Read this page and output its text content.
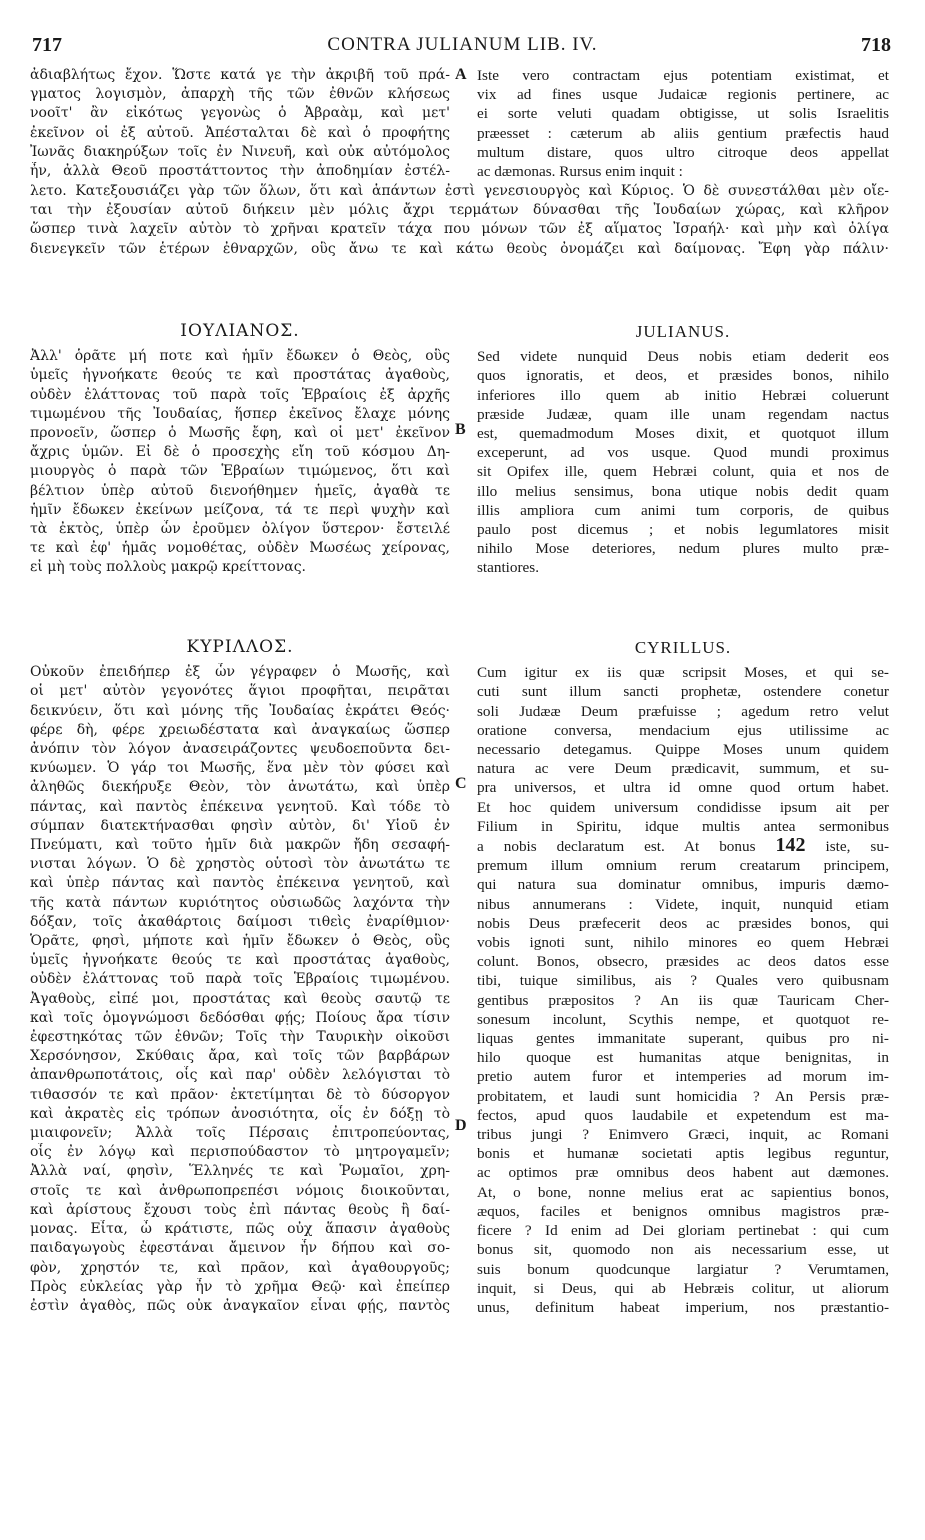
717	CONTRA JULIANUM LIB. IV.	718
ἀδιαβλήτως ἔχον. Ὥστε κατά γε τὴν ἀκριβῆ τοῦ πρά-
γματος λογισμὸν, ἀπαρχὴ τῆς τῶν ἐθνῶν κλήσεως
νοοῖτ' ἂν εἰκότως γεγονὼς ὁ Ἀβραὰμ, καὶ μετ'
ἐκεῖνον οἱ ἐξ αὐτοῦ. Ἀπέσταλται δὲ καὶ ὁ προφήτης
Ἰωνᾶς διακηρύξων τοῖς ἐν Νινευῆ, καὶ οὐκ αὐτόμολος
ἦν, ἀλλὰ Θεοῦ προστάττοντος τὴν ἀποδημίαν ἐστέλ-
Iste vero contractam ejus potentiam existimat, et
vix ad fines usque Judaicæ regionis pertinere, ac
ei sorte veluti quadam obtigisse, ut solis Israelitis
præesset : cæterum ab aliis gentium præfectis haud
multum distare, quos ultro citroque deos appellat
ac dæmonas. Rursus enim inquit :
A
λετο. Κατεξουσιάζει γὰρ τῶν ὅλων, ὅτι καὶ ἁπάντων ἐστὶ γενεσιουργὸς καὶ Κύριος. Ὁ δὲ συνεστάλθαι μὲν οἴε-
ται τὴν ἐξουσίαν αὐτοῦ διήκειν μὲν μόλις ἄχρι τερμάτων δύνασθαι τῆς Ἰουδαίων χώρας, καὶ κλῆρον
ὥσπερ τινὰ λαχεῖν αὐτὸν τὸ χρῆναι κρατεῖν τάχα που μόνων τῶν ἐξ αἵματος Ἰσραήλ· καὶ μὴν καὶ ὀλίγα
διενεγκεῖν τῶν ἑτέρων ἐθναρχῶν, οὓς ἄνω τε καὶ κάτω θεοὺς ὀνομάζει καὶ δαίμονας. Ἔφη γὰρ πάλιν·
ΙΟΥΛΙΑΝΟΣ.
Ἀλλ' ὁρᾶτε μή ποτε καὶ ἡμῖν ἔδωκεν ὁ Θεὸς, οὓς
ὑμεῖς ἠγνοήκατε θεούς τε καὶ προστάτας ἀγαθοὺς,
οὐδὲν ἐλάττονας τοῦ παρὰ τοῖς Ἑβραίοις ἐξ ἀρχῆς
τιμωμένου τῆς Ἰουδαίας, ἥσπερ ἐκεῖνος ἔλαχε μόνης
προνοεῖν, ὥσπερ ὁ Μωσῆς ἔφη, καὶ οἱ μετ' ἐκεῖνον
ἄχρις ὑμῶν. Εἰ δὲ ὁ προσεχὴς εἴη τοῦ κόσμου Δη-
μιουργὸς ὁ παρὰ τῶν Ἑβραίων τιμώμενος, ὅτι καὶ
βέλτιον ὑπὲρ αὐτοῦ διενοήθημεν ἡμεῖς, ἀγαθὰ τε
ἡμῖν ἔδωκεν ἐκείνων μείζονα, τά τε περὶ ψυχὴν καὶ
τὰ ἐκτὸς, ὑπὲρ ὧν ἐροῦμεν ὀλίγον ὕστερον· ἔστειλέ
τε καὶ ἐφ' ἡμᾶς νομοθέτας, οὐδὲν Μωσέως χείρονας,
εἰ μὴ τοὺς πολλοὺς μακρῷ κρείττονας.
JULIANUS.
Sed videte nunquid Deus nobis etiam dederit eos
quos ignoratis, et deos, et præsides bonos, nihilo
inferiores illo quem ab initio Hebræi coluerunt
præside Judææ, quam ille unam regendam nactus
est, quemadmodum Moses dixit, et quotquot illum
exceperunt, ad vos usque. Quod mundi proximus
sit Opifex ille, quem Hebræi colunt, quia et nos de
illo melius sensimus, bona utique nobis dedit quam
illis ampliora cum animi tum corporis, de quibus
paulo post dicemus ; et nobis legumlatores misit
nihilo Mose deteriores, nedum plures multo præ-
stantiores.
B
ΚΥΡΙΛΛΟΣ.
Οὐκοῦν ἐπειδήπερ ἐξ ὧν γέγραφεν ὁ Μωσῆς, καὶ
οἱ μετ' αὐτὸν γεγονότες ἅγιοι προφῆται, πειρᾶται
δεικνύειν, ὅτι καὶ μόνης τῆς Ἰουδαίας ἐκράτει Θεός·
φέρε δὴ, φέρε χρειωδέστατα καὶ ἀναγκαίως ὥσπερ
ἀνόπιν τὸν λόγον ἀνασειράζοντες ψευδοεποῦντα δει-
κνύωμεν. Ὁ γάρ τοι Μωσῆς, ἕνα μὲν τὸν φύσει καὶ
ἀληθῶς διεκήρυξε Θεὸν, τὸν ἀνωτάτω, καὶ ὑπὲρ
πάντας, καὶ παντὸς ἐπέκεινα γενητοῦ. Καὶ τόδε τὸ
σύμπαν διατεκτήνασθαι φησὶν αὐτὸν, δι' Υἱοῦ ἐν
Πνεύματι, καὶ τοῦτο ἡμῖν διὰ μακρῶν ἤδη σεσαφή-
νισται λόγων. Ὁ δὲ χρηστὸς οὑτοσὶ τὸν ἀνωτάτω τε
καὶ ὑπὲρ πάντας καὶ παντὸς ἐπέκεινα γενητοῦ, καὶ
τῆς κατὰ πάντων κυριότητος οὐσιωδῶς λαχόντα τὴν
δόξαν, τοῖς ἀκαθάρτοις δαίμοσι τιθεὶς ἐναρίθμιον·
Ὁρᾶτε, φησὶ, μήποτε καὶ ἡμῖν ἔδωκεν ὁ Θεὸς, οὓς
ὑμεῖς ἠγνοήκατε θεούς τε καὶ προστάτας ἀγαθοὺς,
οὐδὲν ἐλάττονας τοῦ παρὰ τοῖς Ἑβραίοις τιμωμένου.
Ἀγαθοὺς, εἰπέ μοι, προστάτας καὶ θεοὺς σαυτῷ τε
καὶ τοῖς ὁμογνώμοσι δεδόσθαι φῄς; Ποίους ἄρα τίσιν
ἐφεστηκότας τῶν ἐθνῶν; Τοῖς τὴν Ταυρικὴν οἰκοῦσι
Χερσόνησον, Σκύθαις ἄρα, καὶ τοῖς τῶν βαρβάρων
ἀπανθρωποτάτοις, οἷς καὶ παρ' οὐδὲν λελόγισται τὸ
τιθασσόν τε καὶ πρᾶον· ἐκτετίμηται δὲ τὸ δύσοργον
καὶ ἀκρατὲς εἰς τρόπων ἀνοσιότητα, οἷς ἐν δόξῃ τὸ
μιαιφονεῖν; Ἀλλὰ τοῖς Πέρσαις ἐπιτροπεύοντας,
οἷς ἐν λόγῳ καὶ περισπούδαστον τὸ μητρογαμεῖν;
Ἀλλὰ ναί, φησὶν, Ἕλληνές τε καὶ Ῥωμαῖοι, χρη-
στοῖς τε καὶ ἀνθρωποπρεπέσι νόμοις διοικοῦνται,
καὶ ἀρίστους ἔχουσι τοὺς ἐπὶ πάντας θεοὺς ἢ δαί-
μονας. Εἶτα, ὦ κράτιστε, πῶς οὐχ ἅπασιν ἀγαθοὺς
παιδαγωγοὺς ἐφεστάναι ἄμεινον ἦν δήπου καὶ σο-
φὸν, χρηστόν τε, καὶ πρᾶον, καὶ ἀγαθουργοῦς;
Πρὸς εὐκλείας γὰρ ἦν τὸ χρῆμα Θεῷ· καὶ ἐπείπερ
ἐστὶν ἀγαθὸς, πῶς οὐκ ἀναγκαῖον εἶναι φῄς, παντὸς
CYRILLUS.
Cum igitur ex iis quæ scripsit Moses, et qui se-
cuti sunt illum sancti prophetæ, ostendere conetur
soli Judææ Deum præfuisse ; agedum retro velut
oratione conversa, mendacium ejus utilissime ac
necessario detegamus. Quippe Moses unum quidem
natura ac vere Deum prædicavit, summum, et su-
pra universos, et ultra id omne quod ortum habet.
Et hoc quidem universum condidisse ipsum ait per
Filium in Spiritu, idque multis antea sermonibus
a nobis declaratum est. At bonus 142 iste, su-
premum illum omnium rerum creatarum principem,
qui natura sua dominatur omnibus, impuris dæmo-
nibus annumerans : Videte, inquit, nunquid etiam
nobis Deus præfecerit deos ac præsides bonos, qui
vobis ignoti sunt, nihilo minores eo quem Hebræi
colunt. Bonos, obsecro, præsides ac deos datos esse
tibi, tuique similibus, ais ? Quales vero quibusnam
gentibus præpositos ? An iis quæ Tauricam Cher-
sonesum incolunt, Scythis nempe, et quotquot re-
liquas gentes immanitate superant, quibus pro ni-
hilo quoque est humanitas atque benignitas, in
pretio autem furor et intemperies ad morum im-
probitatem, et laudi sunt homicidia ? An Persis præ-
fectos, apud quos laudabile et expetendum est ma-
tribus jungi ? Enimvero Græci, inquit, ac Romani
bonis et humanæ societati aptis legibus reguntur,
ac optimos præ omnibus deos habent aut dæmones.
At, o bone, nonne melius erat ac sapientius bonos,
æquos, faciles et benignos omnibus magistros præ-
ficere ? Id enim ad Dei gloriam pertinebat : qui cum
bonus sit, quomodo non ais necessarium esse, ut
suis bonum quodcunque largiatur ? Verumtamen,
inquit, si Deus, qui ab Hebræis colitur, ut aliorum
unus, definitum habeat imperium, nos præstantio-
C
D
